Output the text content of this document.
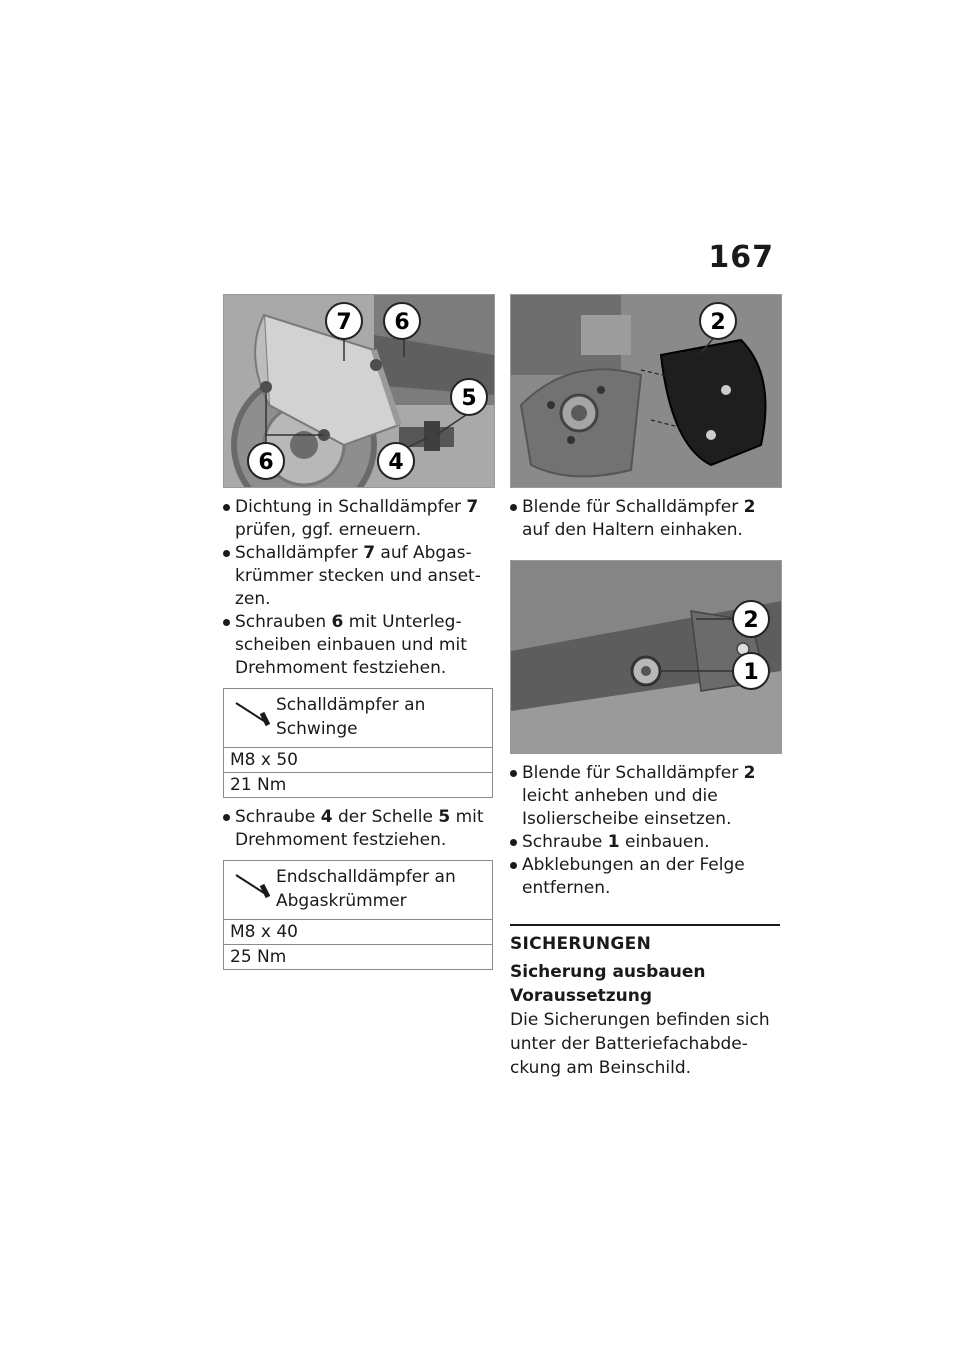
167
7 6
5
6	4
Dichtung in Schalldämpfer 7 prüfen, ggf. erneuern.
Schalldämpfer 7 auf Abgaskrümmer stecken und ansetzen.
Schrauben 6 mit Unterlegscheiben einbauen und mit Drehmoment festziehen.
Schalldämpfer an Schwinge

M8 x 50
21 Nm
Schraube 4 der Schelle 5 mit Drehmoment festziehen.
Endschalldämpfer an Abgaskrümmer

M8 x 40
25 Nm
2
Blende für Schalldämpfer 2 auf den Haltern einhaken.
2
1
Blende für Schalldämpfer 2 leicht anheben und die Isolierscheibe einsetzen.
Schraube 1 einbauen.
Abklebungen an der Felge entfernen.
SICHERUNGEN
Sicherung ausbauen
Voraussetzung

Die Sicherungen befinden sich unter der Batteriefachabdeckung am Beinschild.
